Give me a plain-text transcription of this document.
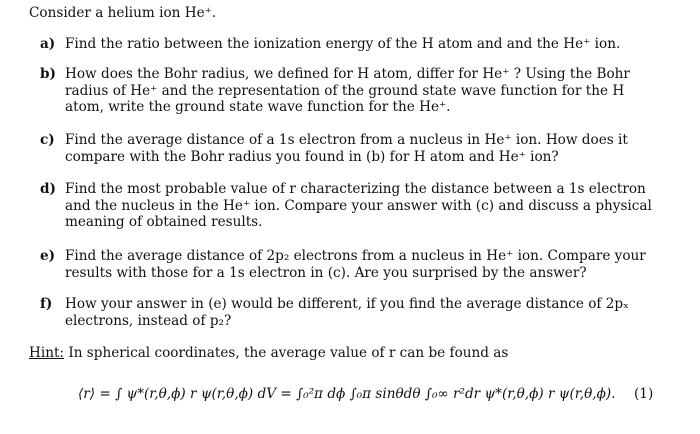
Consider a helium ion He⁺.
a) Find the ratio between the ionization energy of the H atom and and the He⁺ ion.
b) How does the Bohr radius, we defined for H atom, differ for He⁺ ? Using the Bohr radius of He⁺ and the representation of the ground state wave function for the H atom, write the ground state wave function for the He⁺.
c) Find the average distance of a 1s electron from a nucleus in He⁺ ion. How does it compare with the Bohr radius you found in (b) for H atom and He⁺ ion?
d) Find the most probable value of r characterizing the distance between a 1s electron and the nucleus in the He⁺ ion. Compare your answer with (c) and discuss a physical meaning of obtained results.
e) Find the average distance of 2p₂ electrons from a nucleus in He⁺ ion. Compare your results with those for a 1s electron in (c). Are you surprised by the answer?
f) How your answer in (e) would be different, if you find the average distance of 2pₓ electrons, instead of p₂?
Hint: In spherical coordinates, the average value of r can be found as
⟨r⟩ = ∫ ψ*(r,θ,ϕ) r ψ(r,θ,ϕ) dV = ∫₀²π dϕ ∫₀π sinθdθ ∫₀∞ r²dr ψ*(r,θ,ϕ) r ψ(r,θ,ϕ). (1)
